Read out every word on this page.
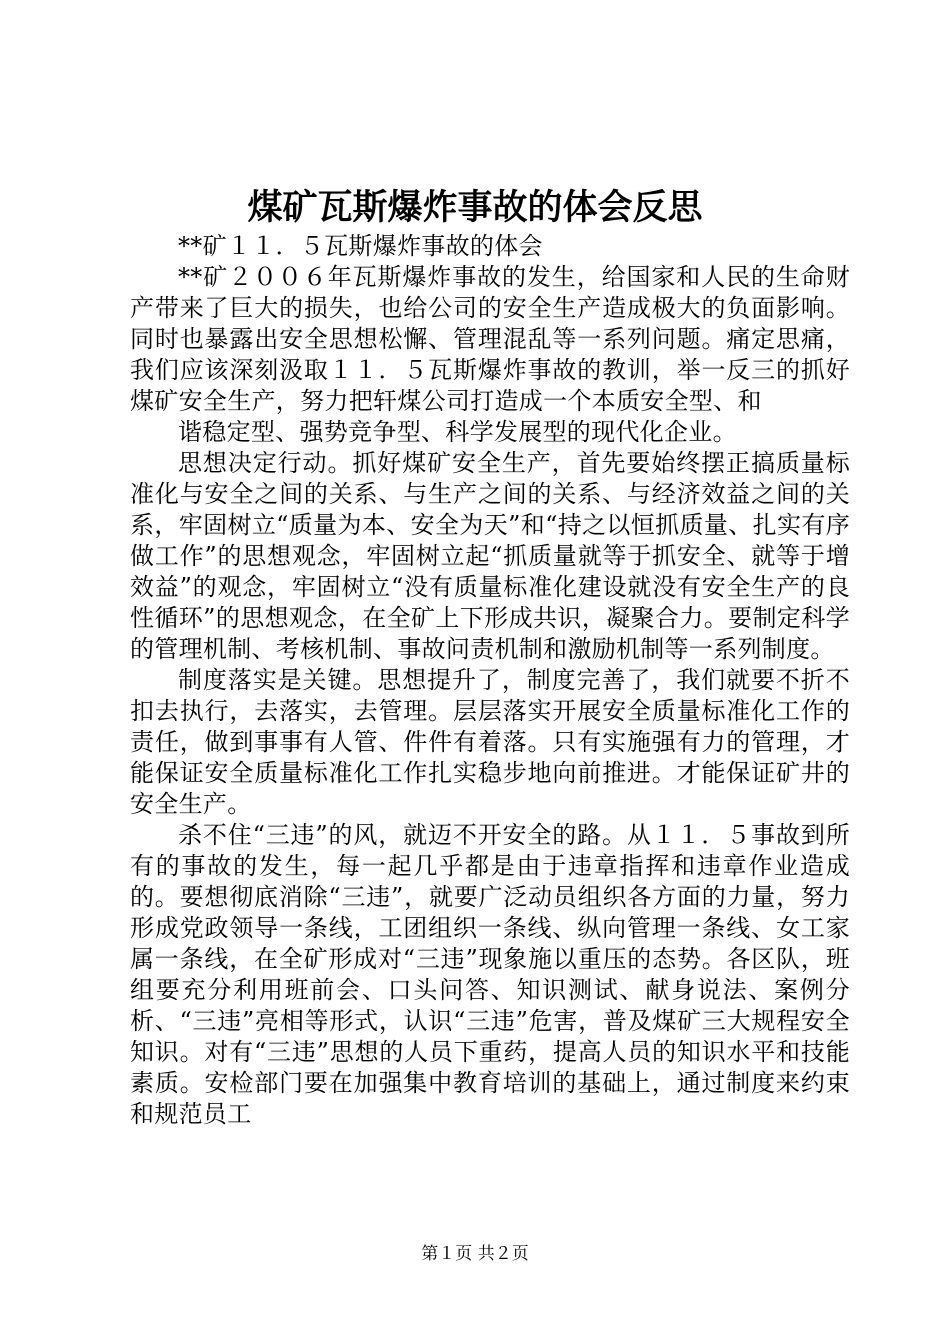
煤矿瓦斯爆炸事故的体会反思

**矿１１．５瓦斯爆炸事故的体会

**矿２００６年瓦斯爆炸事故的发生，给国家和人民的生命财产带来了巨大的损失，也给公司的安全生产造成极大的负面影响。同时也暴露出安全思想松懈、管理混乱等一系列问题。痛定思痛，我们应该深刻汲取１１．５瓦斯爆炸事故的教训，举一反三的抓好煤矿安全生产，努力把轩煤公司打造成一个本质安全型、和

谐稳定型、强势竞争型、科学发展型的现代化企业。

思想决定行动。抓好煤矿安全生产，首先要始终摆正搞质量标准化与安全之间的关系、与生产之间的关系、与经济效益之间的关系，牢固树立“质量为本、安全为天”和“持之以恒抓质量、扎实有序做工作”的思想观念，牢固树立起“抓质量就等于抓安全、就等于增效益”的观念，牢固树立“没有质量标准化建设就没有安全生产的良性循环”的思想观念，在全矿上下形成共识，凝聚合力。要制定科学的管理机制、考核机制、事故问责机制和激励机制等一系列制度。

制度落实是关键。思想提升了，制度完善了，我们就要不折不扣去执行，去落实，去管理。层层落实开展安全质量标准化工作的责任，做到事事有人管、件件有着落。只有实施强有力的管理，才能保证安全质量标准化工作扎实稳步地向前推进。才能保证矿井的安全生产。

杀不住“三违”的风，就迈不开安全的路。从１１．５事故到所有的事故的发生，每一起几乎都是由于违章指挥和违章作业造成的。要想彻底消除“三违”，就要广泛动员组织各方面的力量，努力形成党政领导一条线，工团组织一条线、纵向管理一条线、女工家属一条线，在全矿形成对“三违”现象施以重压的态势。各区队，班组要充分利用班前会、口头问答、知识测试、献身说法、案例分析、“三违”亮相等形式，认识“三违”危害，普及煤矿三大规程安全知识。对有“三违”思想的人员下重药，提高人员的知识水平和技能素质。安检部门要在加强集中教育培训的基础上，通过制度来约束和规范员工

第１页 共２页
